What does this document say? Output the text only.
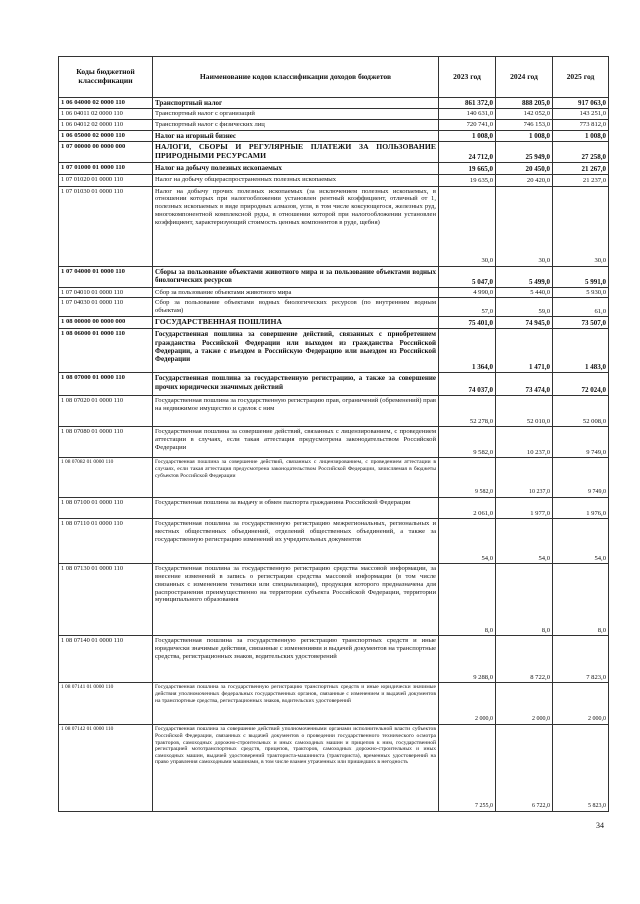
Коды бюджетной классификации	Наименование кодов классификации доходов бюджетов	2023 год	2024 год	2025 год
1 06 04000 02 0000 110	Транспортный налог	861 372,0	888 205,0	917 063,0
1 06 04011 02 0000 110	Транспортный налог с организаций	140 631,0	142 052,0	143 251,0
1 06 04012 02 0000 110	Транспортный налог с физических лиц	720 741,0	746 153,0	773 812,0
1 06 05000 02 0000 110	Налог на игорный бизнес	1 008,0	1 008,0	1 008,0
1 07 00000 00 0000 000	НАЛОГИ, СБОРЫ И РЕГУЛЯРНЫЕ ПЛАТЕЖИ ЗА ПОЛЬЗОВАНИЕ ПРИРОДНЫМИ РЕСУРСАМИ	24 712,0	25 949,0	27 258,0
1 07 01000 01 0000 110	Налог на добычу полезных ископаемых	19 665,0	20 450,0	21 267,0
1 07 01020 01 0000 110	Налог на добычу общераспространенных полезных ископаемых	19 635,0	20 420,0	21 237,0
1 07 01030 01 0000 110	Налог на добычу прочих полезных ископаемых (за исключением полезных ископаемых, в отношении которых при налогообложении установлен рентный коэффициент, отличный от 1, полезных ископаемых в виде природных алмазов, угля, в том числе коксующегося, железных руд, многокомпонентной комплексной руды, в отношении которой при налогообложении установлен коэффициент, характеризующий стоимость ценных компонентов в руде, щебня)	30,0	30,0	30,0
1 07 04000 01 0000 110	Сборы за пользование объектами животного мира и за пользование объектами водных биологических ресурсов	5 047,0	5 499,0	5 991,0
1 07 04010 01 0000 110	Сбор за пользование объектами животного мира	4 990,0	5 440,0	5 930,0
1 07 04030 01 0000 110	Сбор за пользование объектами водных биологических ресурсов (по внутренним водным объектам)	57,0	59,0	61,0
1 08 00000 00 0000 000	ГОСУДАРСТВЕННАЯ ПОШЛИНА	75 401,0	74 945,0	73 507,0
1 08 06000 01 0000 110	Государственная пошлина за совершение действий, связанных с приобретением гражданства Российской Федерации или выходом из гражданства Российской Федерации, а также с въездом в Российскую Федерацию или выездом из Российской Федерации	1 364,0	1 471,0	1 483,0
1 08 07000 01 0000 110	Государственная пошлина за государственную регистрацию, а также за совершение прочих юридически значимых действий	74 037,0	73 474,0	72 024,0
1 08 07020 01 0000 110	Государственная пошлина за государственную регистрацию прав, ограничений (обременений) прав на недвижимое имущество и сделок с ним	52 278,0	52 010,0	52 008,0
1 08 07080 01 0000 110	Государственная пошлина за совершение действий, связанных с лицензированием, с проведением аттестации в случаях, если такая аттестация предусмотрена законодательством Российской Федерации	9 582,0	10 237,0	9 749,0
1 08 07082 01 0000 110	Государственная пошлина за совершение действий, связанных с лицензированием, с проведением аттестации в случаях, если такая аттестация предусмотрена законодательством Российской Федерации, зачисляемая в бюджеты субъектов Российской Федерации	9 582,0	10 237,0	9 749,0
1 08 07100 01 0000 110	Государственная пошлина за выдачу и обмен паспорта гражданина Российской Федерации	2 061,0	1 977,0	1 976,0
1 08 07110 01 0000 110	Государственная пошлина за государственную регистрацию межрегиональных, региональных и местных общественных объединений, отделений общественных объединений, а также за государственную регистрацию изменений их учредительных документов	54,0	54,0	54,0
1 08 07130 01 0000 110	Государственная пошлина за государственную регистрацию средства массовой информации, за внесение изменений в запись о регистрации средства массовой информации (в том числе связанных с изменением тематики или специализации), продукция которого предназначена для распространения преимущественно на территории субъекта Российской Федерации, территории муниципального образования	8,0	8,0	8,0
1 08 07140 01 0000 110	Государственная пошлина за государственную регистрацию транспортных средств и иные юридически значимые действия, связанные с изменениями и выдачей документов на транспортные средства, регистрационных знаков, водительских удостоверений	9 288,0	8 722,0	7 823,0
1 08 07141 01 0000 110	Государственная пошлина за государственную регистрацию транспортных средств и иные юридически значимые действия уполномоченных федеральных государственных органов, связанные с изменением и выдачей документов на транспортные средства, регистрационных знаков, водительских удостоверений	2 000,0	2 000,0	2 000,0
1 08 07142 01 0000 110	Государственная пошлина за совершение действий уполномоченными органами исполнительной власти субъектов Российской Федерации, связанных с выдачей документов о проведении государственного технического осмотра тракторов, самоходных дорожно-строительных и иных самоходных машин и прицепов к ним, государственной регистрацией мототранспортных средств, прицепов, тракторов, самоходных дорожно-строительных и иных самоходных машин, выдачей удостоверений тракториста-машиниста (тракториста), временных удостоверений на право управления самоходными машинами, в том числе взамен утраченных или пришедших в негодность	7 255,0	6 722,0	5 823,0
34
